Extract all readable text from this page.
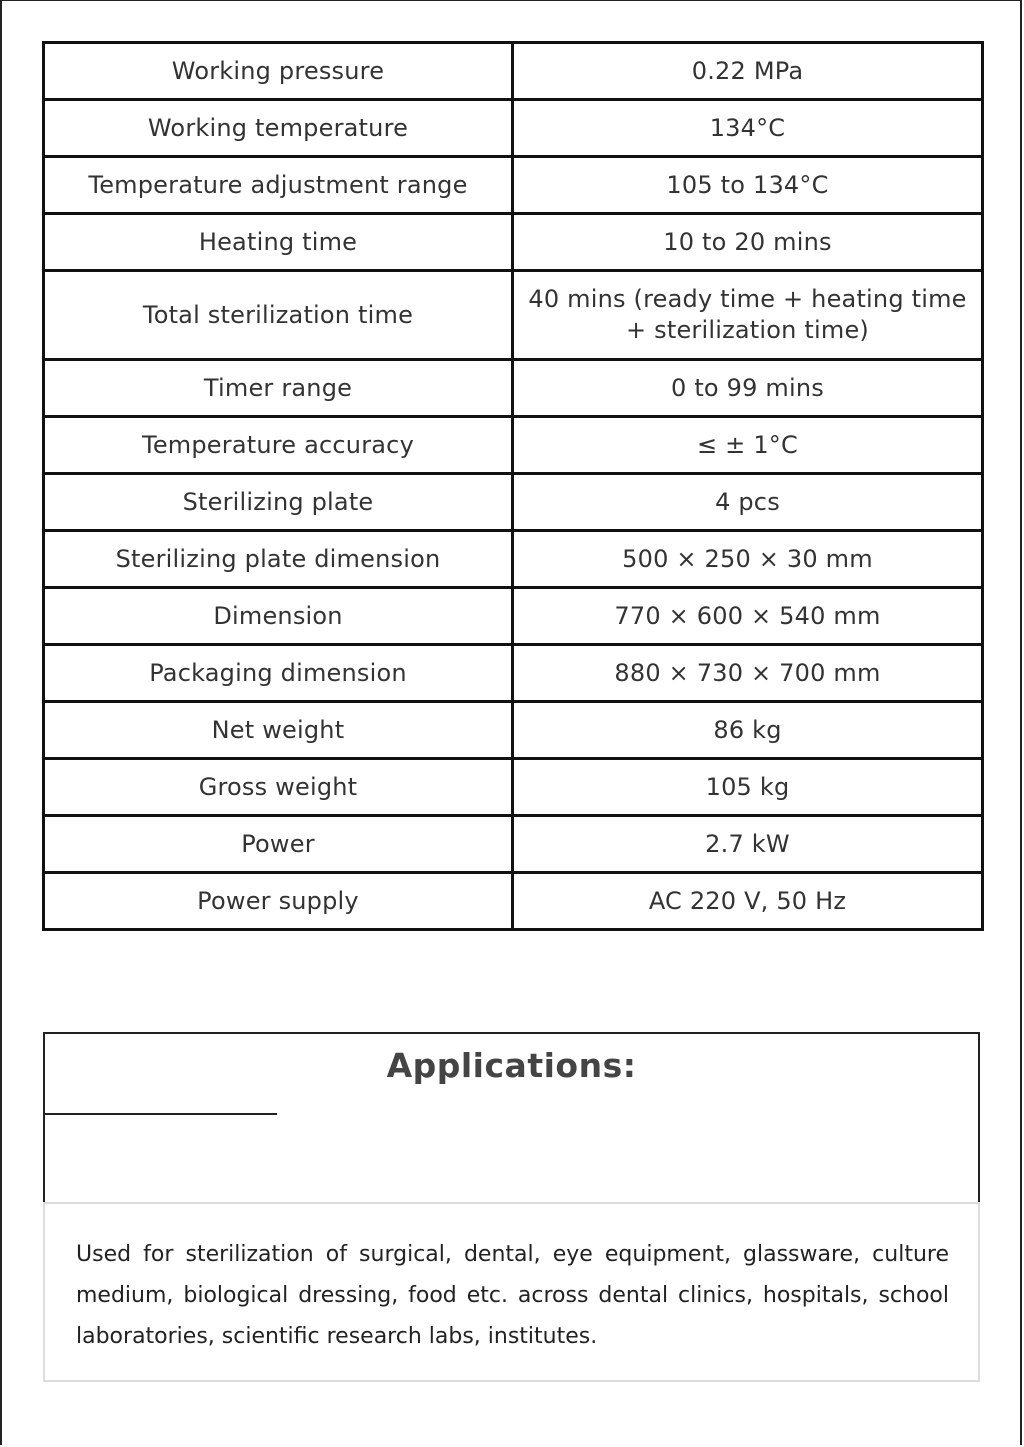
Working pressure	0.22 MPa
Working temperature	134°C
Temperature adjustment range	105 to 134°C
Heating time	10 to 20 mins
Total sterilization time	40 mins (ready time + heating time + sterilization time)
Timer range	0 to 99 mins
Temperature accuracy	≤ ± 1°C
Sterilizing plate	4 pcs
Sterilizing plate dimension	500 × 250 × 30 mm
Dimension	770 × 600 × 540 mm
Packaging dimension	880 × 730 × 700 mm
Net weight	86 kg
Gross weight	105 kg
Power	2.7 kW
Power supply	AC 220 V, 50 Hz
Applications:
Used for sterilization of surgical, dental, eye equipment, glassware, culture medium, biological dressing, food etc. across dental clinics, hospitals, school laboratories, scientific research labs, institutes.
